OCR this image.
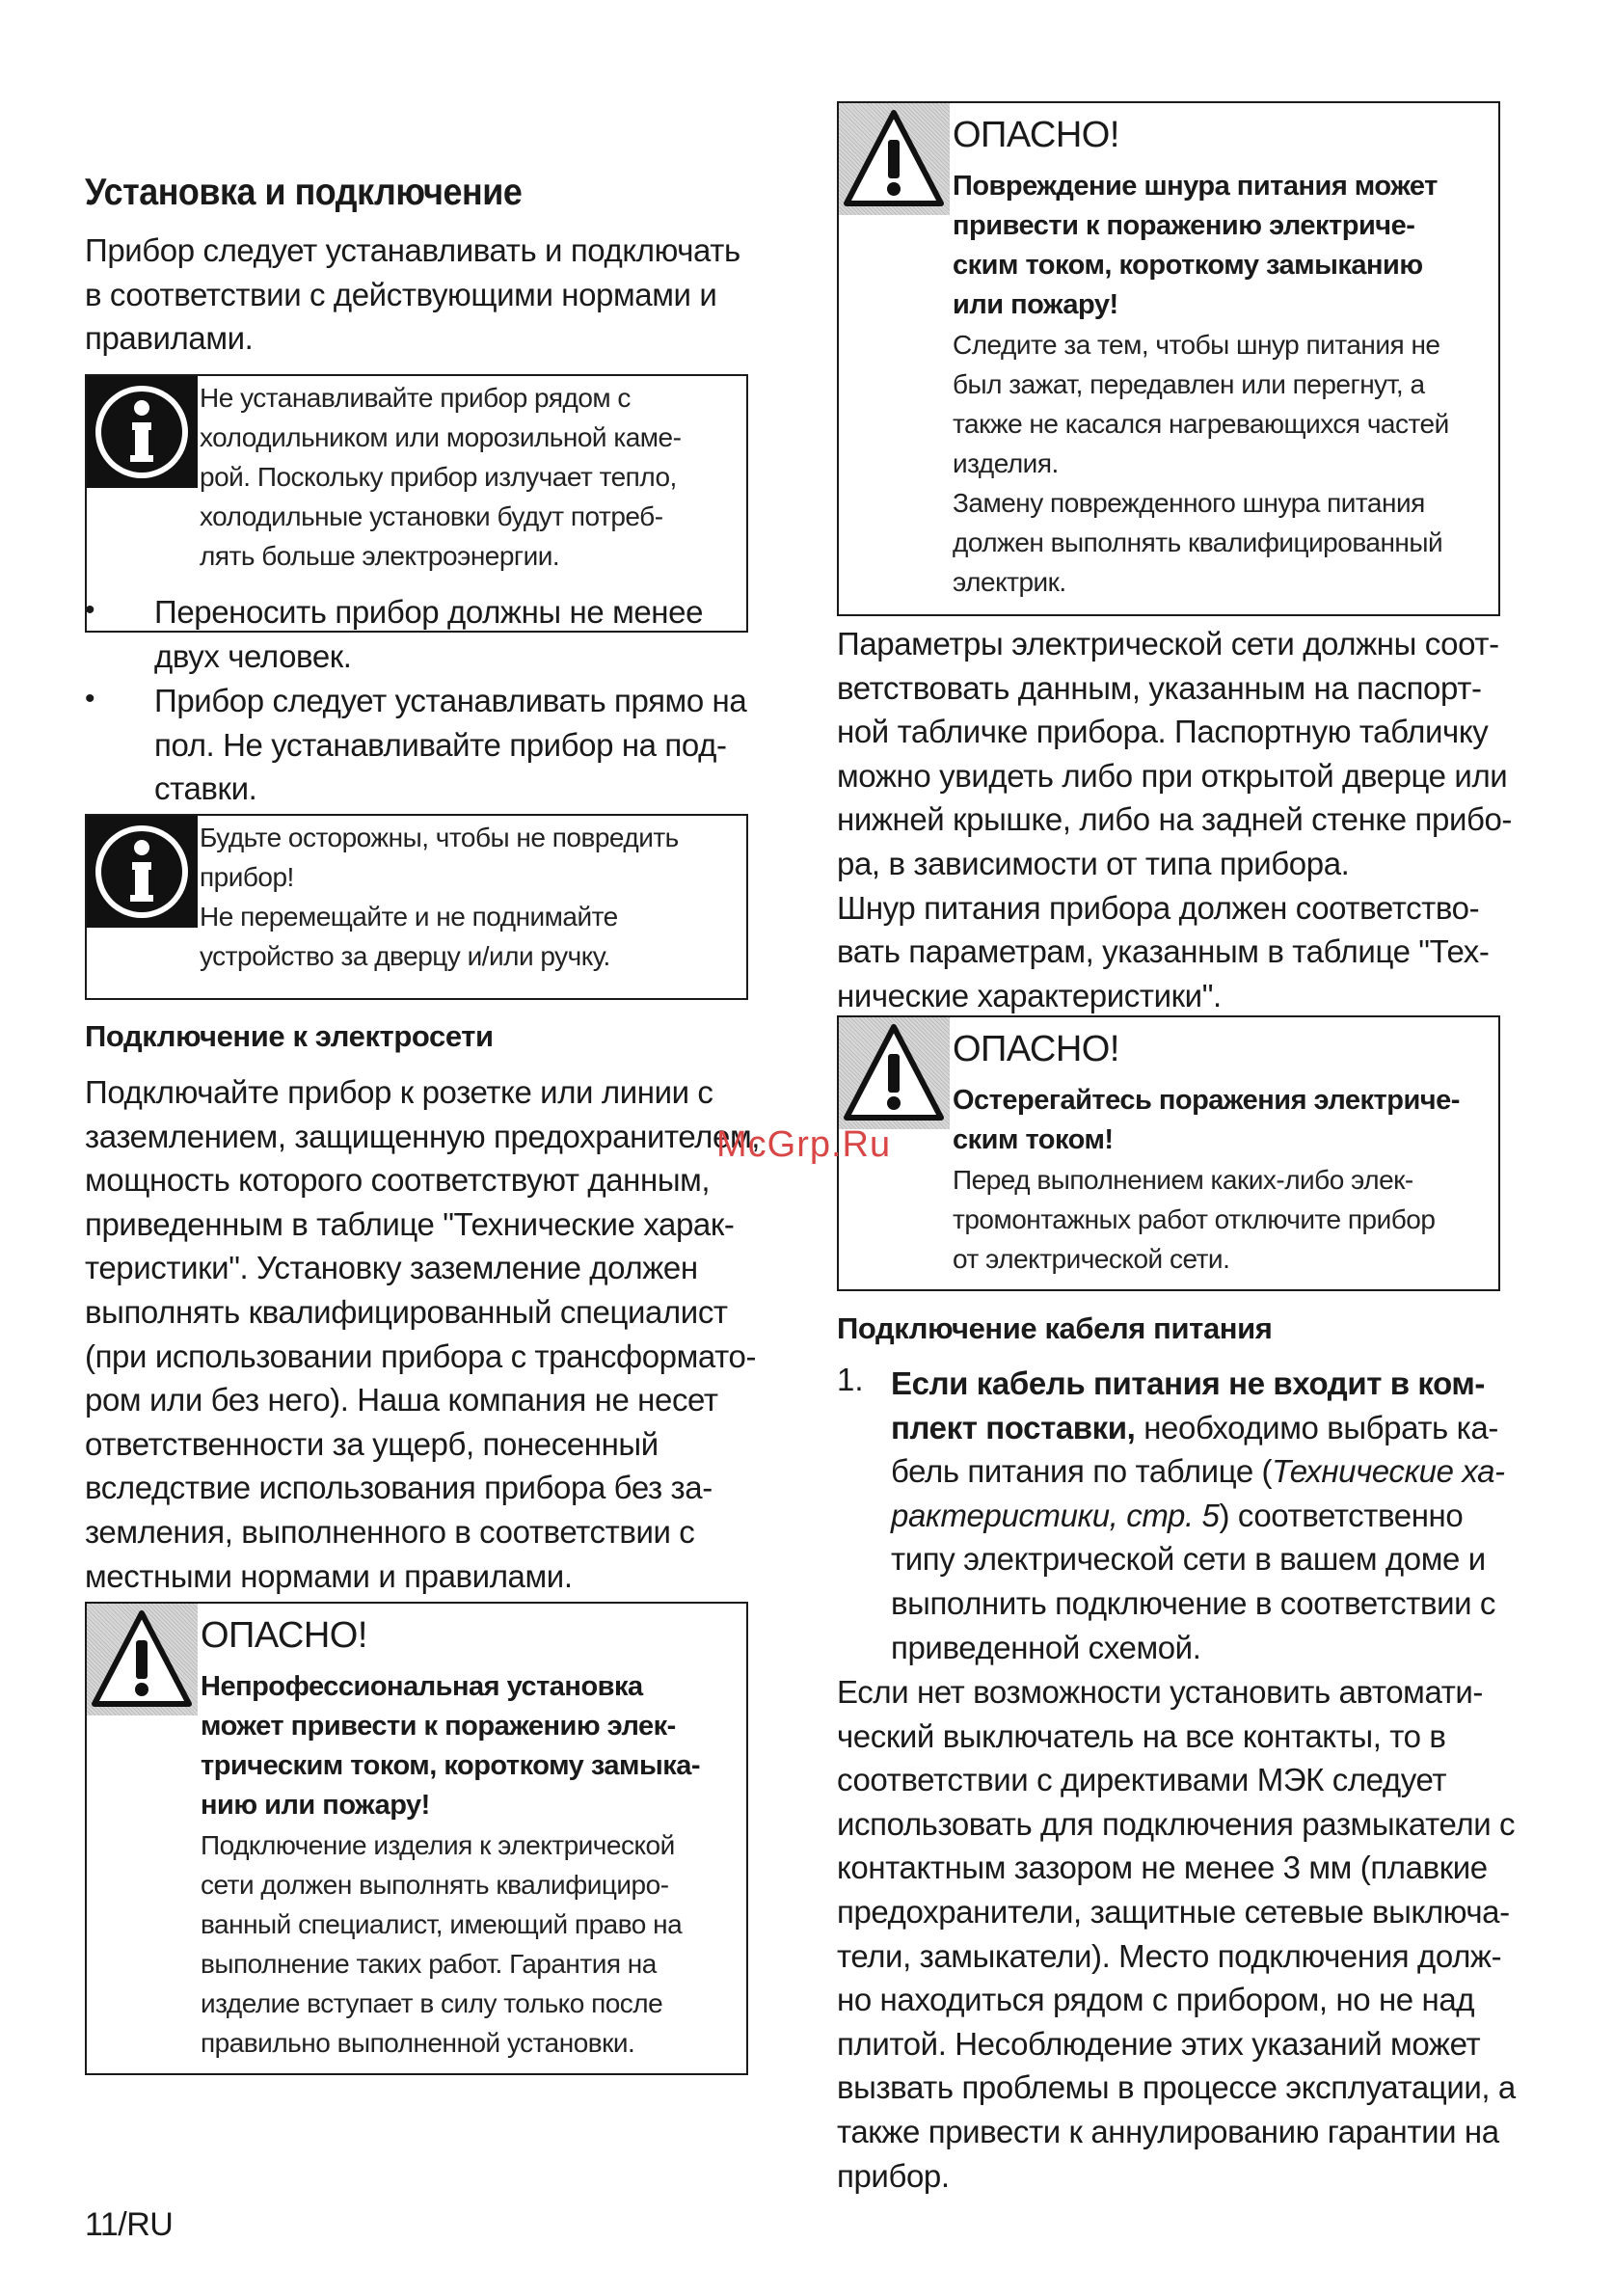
Установка и подключение
Прибор следует устанавливать и подключать
в соответствии с действующими нормами и
правилами.
Не устанавливайте прибор рядом с
холодильником или морозильной каме-
рой. Поскольку прибор излучает тепло,
холодильные установки будут потреб-
лять больше электроэнергии.
• Переносить прибор должны не менее
двух человек.
• Прибор следует устанавливать прямо на
пол. Не устанавливайте прибор на под-
ставки.
Будьте осторожны, чтобы не повредить
прибор!
Не перемещайте и не поднимайте
устройство за дверцу и/или ручку.
Подключение к электросети
Подключайте прибор к розетке или линии с
заземлением, защищенную предохранителем,
мощность которого соответствуют данным,
приведенным в таблице "Технические харак-
теристики". Установку заземление должен
выполнять квалифицированный специалист
(при использовании прибора с трансформато-
ром или без него). Наша компания не несет
ответственности за ущерб, понесенный
вследствие использования прибора без за-
земления, выполненного в соответствии с
местными нормами и правилами.
ОПАСНО!
Непрофессиональная установка
может привести к поражению элек-
трическим током, короткому замыка-
нию или пожару!
Подключение изделия к электрической
сети должен выполнять квалифициро-
ванный специалист, имеющий право на
выполнение таких работ. Гарантия на
изделие вступает в силу только после
правильно выполненной установки.
11/RU
ОПАСНО!
Повреждение шнура питания может
привести к поражению электриче-
ским током, короткому замыканию
или пожару!
Следите за тем, чтобы шнур питания не
был зажат, передавлен или перегнут, а
также не касался нагревающихся частей
изделия.
Замену поврежденного шнура питания
должен выполнять квалифицированный
электрик.
Параметры электрической сети должны соот-
ветствовать данным, указанным на паспорт-
ной табличке прибора. Паспортную табличку
можно увидеть либо при открытой дверце или
нижней крышке, либо на задней стенке прибо-
ра, в зависимости от типа прибора.
Шнур питания прибора должен соответство-
вать параметрам, указанным в таблице "Тех-
нические характеристики".
ОПАСНО!
Остерегайтесь поражения электриче-
ским током!
Перед выполнением каких-либо элек-
тромонтажных работ отключите прибор
от электрической сети.
Подключение кабеля питания
1. Если кабель питания не входит в ком-
плект поставки, необходимо выбрать ка-
бель питания по таблице (Технические ха-
рактеристики, стр. 5) соответственно
типу электрической сети в вашем доме и
выполнить подключение в соответствии с
приведенной схемой.
Если нет возможности установить автомати-
ческий выключатель на все контакты, то в
соответствии с директивами МЭК следует
использовать для подключения размыкатели с
контактным зазором не менее 3 мм (плавкие
предохранители, защитные сетевые выключа-
тели, замыкатели). Место подключения долж-
но находиться рядом с прибором, но не над
плитой. Несоблюдение этих указаний может
вызвать проблемы в процессе эксплуатации, а
также привести к аннулированию гарантии на
прибор.
McGrp.Ru
